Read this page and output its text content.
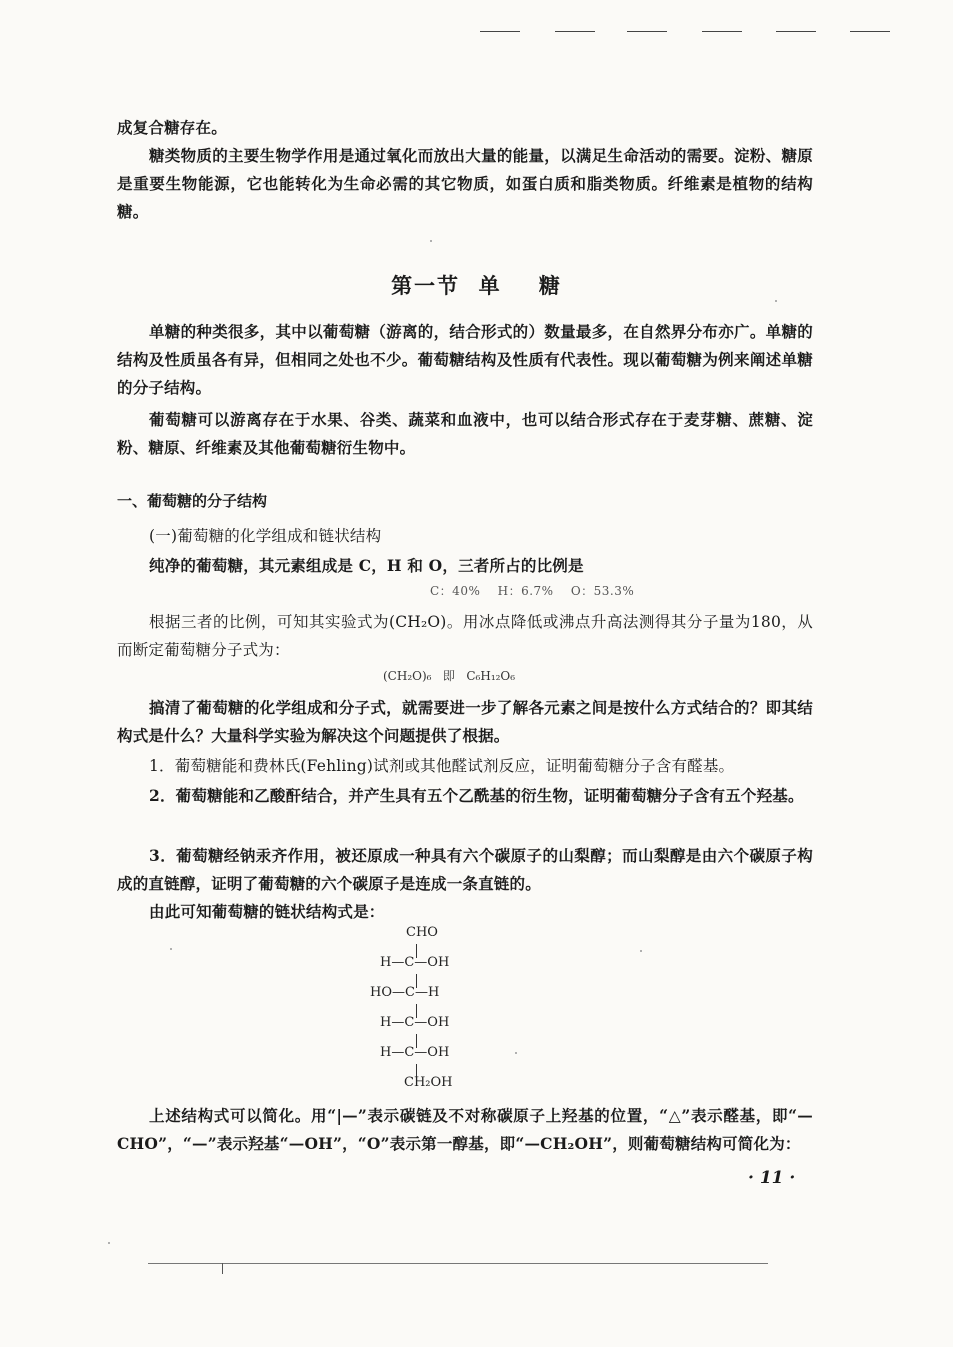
成复合糖存在。

糖类物质的主要生物学作用是通过氧化而放出大量的能量，以满足生命活动的需要。淀粉、糖原是重要生物能源，它也能转化为生命必需的其它物质，如蛋白质和脂类物质。纤维素是植物的结构糖。

第一节  单    糖

单糖的种类很多，其中以葡萄糖（游离的，结合形式的）数量最多，在自然界分布亦广。单糖的结构及性质虽各有异，但相同之处也不少。葡萄糖结构及性质有代表性。现以葡萄糖为例来阐述单糖的分子结构。

葡萄糖可以游离存在于水果、谷类、蔬菜和血液中，也可以结合形式存在于麦芽糖、蔗糖、淀粉、糖原、纤维素及其他葡萄糖衍生物中。

一、葡萄糖的分子结构

(一)葡萄糖的化学组成和链状结构

纯净的葡萄糖，其元素组成是 C，H 和 O，三者所占的比例是

C：40%    H：6.7%    O：53.3%

根据三者的比例，可知其实验式为(CH₂O)。用冰点降低或沸点升高法测得其分子量为180，从而断定葡萄糖分子式为：

(CH₂O)₆   即   C₆H₁₂O₆

搞清了葡萄糖的化学组成和分子式，就需要进一步了解各元素之间是按什么方式结合的？即其结构式是什么？大量科学实验为解决这个问题提供了根据。

1．葡萄糖能和费林氏(Fehling)试剂或其他醛试剂反应，证明葡萄糖分子含有醛基。

2．葡萄糖能和乙酸酐结合，并产生具有五个乙酰基的衍生物，证明葡萄糖分子含有五个羟基。

3．葡萄糖经钠汞齐作用，被还原成一种具有六个碳原子的山梨醇；而山梨醇是由六个碳原子构成的直链醇，证明了葡萄糖的六个碳原子是连成一条直链的。

由此可知葡萄糖的链状结构式是：

CHO
H—C—OH
HO—C—H
H—C—OH
H—C—OH
CH₂OH

上述结构式可以简化。用“|—”表示碳链及不对称碳原子上羟基的位置，“△”表示醛基，即“—CHO”，“—”表示羟基“—OH”，“O”表示第一醇基，即“—CH₂OH”，则葡萄糖结构可简化为：

· 11 ·
